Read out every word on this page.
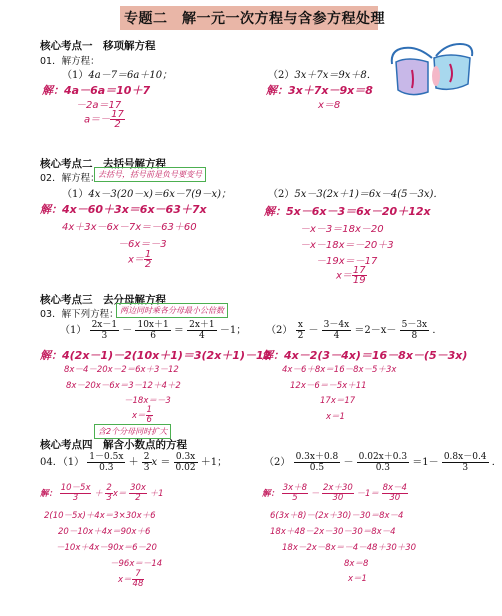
专题二　解一元一次方程与含参方程处理
核心考点一　移项解方程
01．解方程：
（1）4a－7＝6a＋10；
解：4a－6a＝10＋7
－2a＝17
$a=- \frac{17}{2}$
（2）3x＋7x＝9x＋8．
解：3x＋7x－9x＝8
x＝8
核心考点二　去括号解方程
02．解方程：
去括号，括号前是负号要变号
（1）4x－3(20－x)＝6x－7(9－x)；
解：4x－60＋3x＝6x－63＋7x
4x＋3x－6x－7x＝－63＋60
－6x＝－3
$x= \frac{1}{2}$
（2）5x－3(2x＋1)＝6x－4(5－3x)．
解：5x－6x－3＝6x－20＋12x
－x－3＝18x－20
－x－18x＝－20＋3
－19x＝－17
$x= \frac{17}{19}$
核心考点三　去分母解方程
03．解下列方程： 两边同时乘各分母最小公倍数
$(1) \frac{2x-1}{3} - \frac{10x+1}{6} = \frac{2x+1}{4} -1$；
解：4(2x－1)－2(10x＋1)＝3(2x＋1)－12
8x－4－20x－2＝6x＋3－12
8x－20x－6x＝3－12＋4＋2
－18x＝－3
$x= \frac{1}{6}$
含2个分母同时扩大
$(2) \frac{x}{2} - \frac{3-4x}{4} =2-x- \frac{5-3x}{8}$ ．
解：4x－2(3－4x)＝16－8x－(5－3x)
4x－6＋8x＝16－8x－5＋3x
12x－6＝－5x＋11
17x＝17
x＝1
核心考点四　解含小数点的方程
04．$(1) \frac{1-0.5x}{0.3} + \frac{2}{3}$ $x = \frac{0.3x}{0.02} +1$；
解： $\frac{10-5x}{3} + \frac{2}{3} x= \frac{30x}{2} +1$
2(10－5x)＋4x＝3×30x＋6
20－10x＋4x＝90x＋6
－10x＋4x－90x＝6－20
－96x＝－14
$x= \frac{7}{48}$
$(2) \frac{0.3x+0.8}{0.5} - \frac{0.02x+0.3}{0.3} =1- \frac{0.8x-0.4}{3}$ ．
解： $\frac{3x+8}{5} - \frac{2x+30}{30} -1= \frac{8x-4}{30}$
6(3x＋8)－(2x＋30)－30＝8x－4
18x＋48－2x－30－30＝8x－4
18x－2x－8x＝－4－48＋30＋30
8x＝8
x＝1
